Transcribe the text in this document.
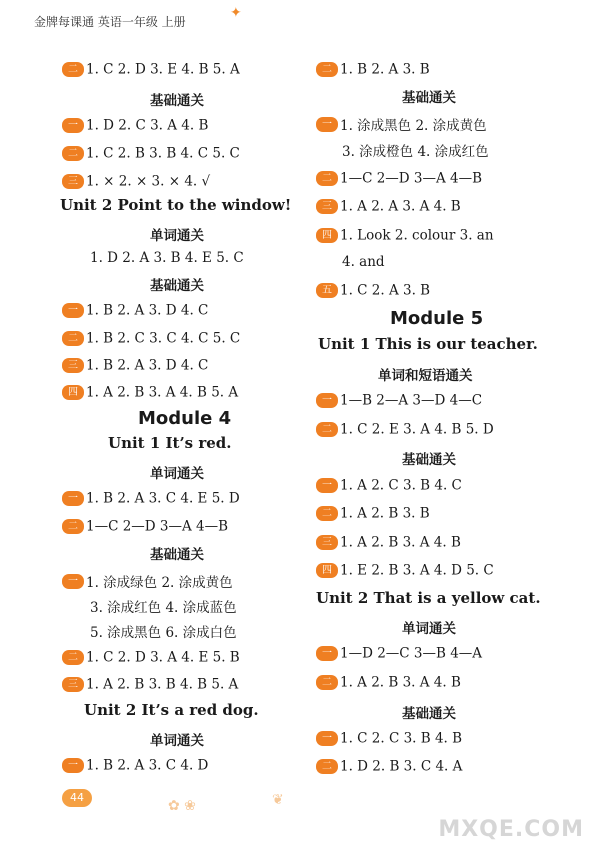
金牌每课通 英语一年级 上册
✦
二 1. C 2. D 3. E 4. B 5. A
基础通关
一 1. D 2. C 3. A 4. B
二 1. C 2. B 3. B 4. C 5. C
三 1. × 2. × 3. × 4. √
Unit 2 Point to the window!
单词通关
1. D 2. A 3. B 4. E 5. C
基础通关
一 1. B 2. A 3. D 4. C
二 1. B 2. C 3. C 4. C 5. C
三 1. B 2. A 3. D 4. C
四 1. A 2. B 3. A 4. B 5. A
Module 4
Unit 1 It’s red.
单词通关
一 1. B 2. A 3. C 4. E 5. D
二 1—C 2—D 3—A 4—B
基础通关
一 1. 涂成绿色 2. 涂成黄色
3. 涂成红色 4. 涂成蓝色
5. 涂成黑色 6. 涂成白色
二 1. C 2. D 3. A 4. E 5. B
三 1. A 2. B 3. B 4. B 5. A
Unit 2 It’s a red dog.
单词通关
一 1. B 2. A 3. C 4. D
二 1. B 2. A 3. B
基础通关
一 1. 涂成黑色 2. 涂成黄色
3. 涂成橙色 4. 涂成红色
二 1—C 2—D 3—A 4—B
三 1. A 2. A 3. A 4. B
四 1. Look 2. colour 3. an
4. and
五 1. C 2. A 3. B
Module 5
Unit 1 This is our teacher.
单词和短语通关
一 1—B 2—A 3—D 4—C
二 1. C 2. E 3. A 4. B 5. D
基础通关
一 1. A 2. C 3. B 4. C
二 1. A 2. B 3. B
三 1. A 2. B 3. A 4. B
四 1. E 2. B 3. A 4. D 5. C
Unit 2 That is a yellow cat.
单词通关
一 1—D 2—C 3—B 4—A
二 1. A 2. B 3. A 4. B
基础通关
一 1. C 2. C 3. B 4. B
二 1. D 2. B 3. C 4. A
44
✿ ❀	❦
MXQE.COM
